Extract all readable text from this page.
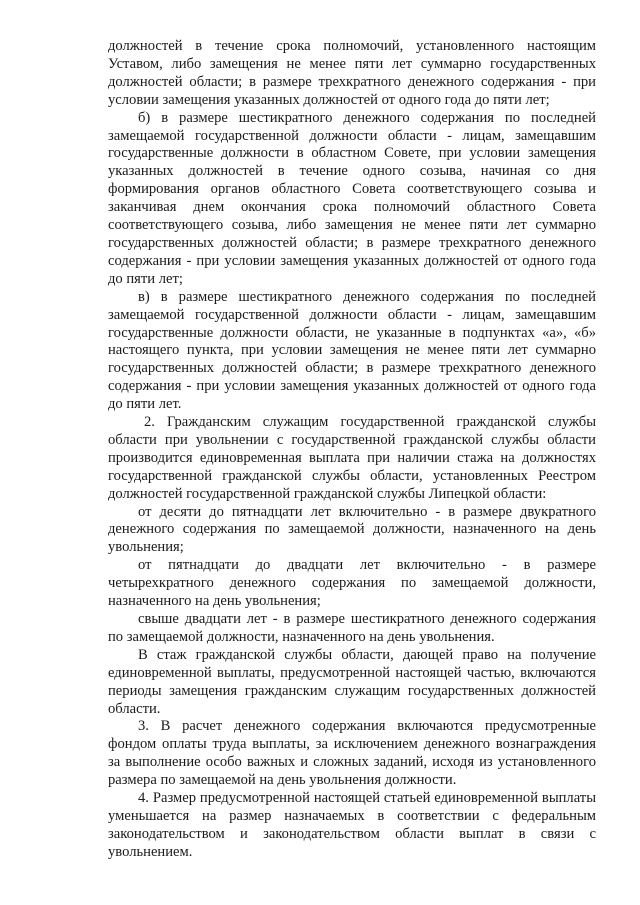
должностей в течение срока полномочий, установленного настоящим Уставом, либо замещения не менее пяти лет суммарно государственных должностей области; в размере трехкратного денежного содержания - при условии замещения указанных должностей от одного года до пяти лет;

б) в размере шестикратного денежного содержания по последней замещаемой государственной должности области - лицам, замещавшим государственные должности в областном Совете, при условии замещения указанных должностей в течение одного созыва, начиная со дня формирования органов областного Совета соответствующего созыва и заканчивая днем окончания срока полномочий областного Совета соответствующего созыва, либо замещения не менее пяти лет суммарно государственных должностей области; в размере трехкратного денежного содержания - при условии замещения указанных должностей от одного года до пяти лет;

в) в размере шестикратного денежного содержания по последней замещаемой государственной должности области - лицам, замещавшим государственные должности области, не указанные в подпунктах «а», «б» настоящего пункта, при условии замещения не менее пяти лет суммарно государственных должностей области; в размере трехкратного денежного содержания - при условии замещения указанных должностей от одного года до пяти лет.

2. Гражданским служащим государственной гражданской службы области при увольнении с государственной гражданской службы области производится единовременная выплата при наличии стажа на должностях государственной гражданской службы области, установленных Реестром должностей государственной гражданской службы Липецкой области:

от десяти до пятнадцати лет включительно - в размере двукратного денежного содержания по замещаемой должности, назначенного на день увольнения;

от пятнадцати до двадцати лет включительно - в размере четырехкратного денежного содержания по замещаемой должности, назначенного на день увольнения;

свыше двадцати лет - в размере шестикратного денежного содержания по замещаемой должности, назначенного на день увольнения.

В стаж гражданской службы области, дающей право на получение единовременной выплаты, предусмотренной настоящей частью, включаются периоды замещения гражданским служащим государственных должностей области.

3. В расчет денежного содержания включаются предусмотренные фондом оплаты труда выплаты, за исключением денежного вознаграждения за выполнение особо важных и сложных заданий, исходя из установленного размера по замещаемой на день увольнения должности.

4. Размер предусмотренной настоящей статьей единовременной выплаты уменьшается на размер назначаемых в соответствии с федеральным законодательством и законодательством области выплат в связи с увольнением.
